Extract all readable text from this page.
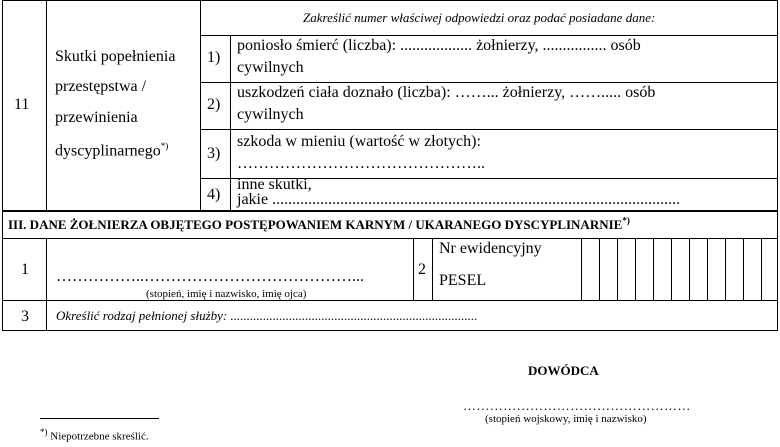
11
Skutki popełnienia
przestępstwa /
przewinienia
dyscyplinarnego*)
Zakreślić numer właściwej odpowiedzi oraz podać posiadane dane:
1)
poniosło śmierć (liczba): .................. żołnierzy, ................ osób
cywilnych
2)
uszkodzeń ciała doznało (liczba): ……... żołnierzy, ……..... osób
cywilnych
3)
szkoda w mieniu (wartość w złotych):
………………………………………..
4)
inne skutki,
jakie ......................................................................................................
III. DANE ŻOŁNIERZA OBJĘTEGO POSTĘPOWANIEM KARNYM / UKARANEGO DYSCYPLINARNIE*)
1 ……………..…………………………………...
(stopień, imię i nazwisko, imię ojca)
2
Nr ewidencyjny
PESEL
3 Określić rodzaj pełnionej służby: ............................................................................
DOWÓDCA
……………………………………………
(stopień wojskowy, imię i nazwisko)
*) Niepotrzebne skreślić.
